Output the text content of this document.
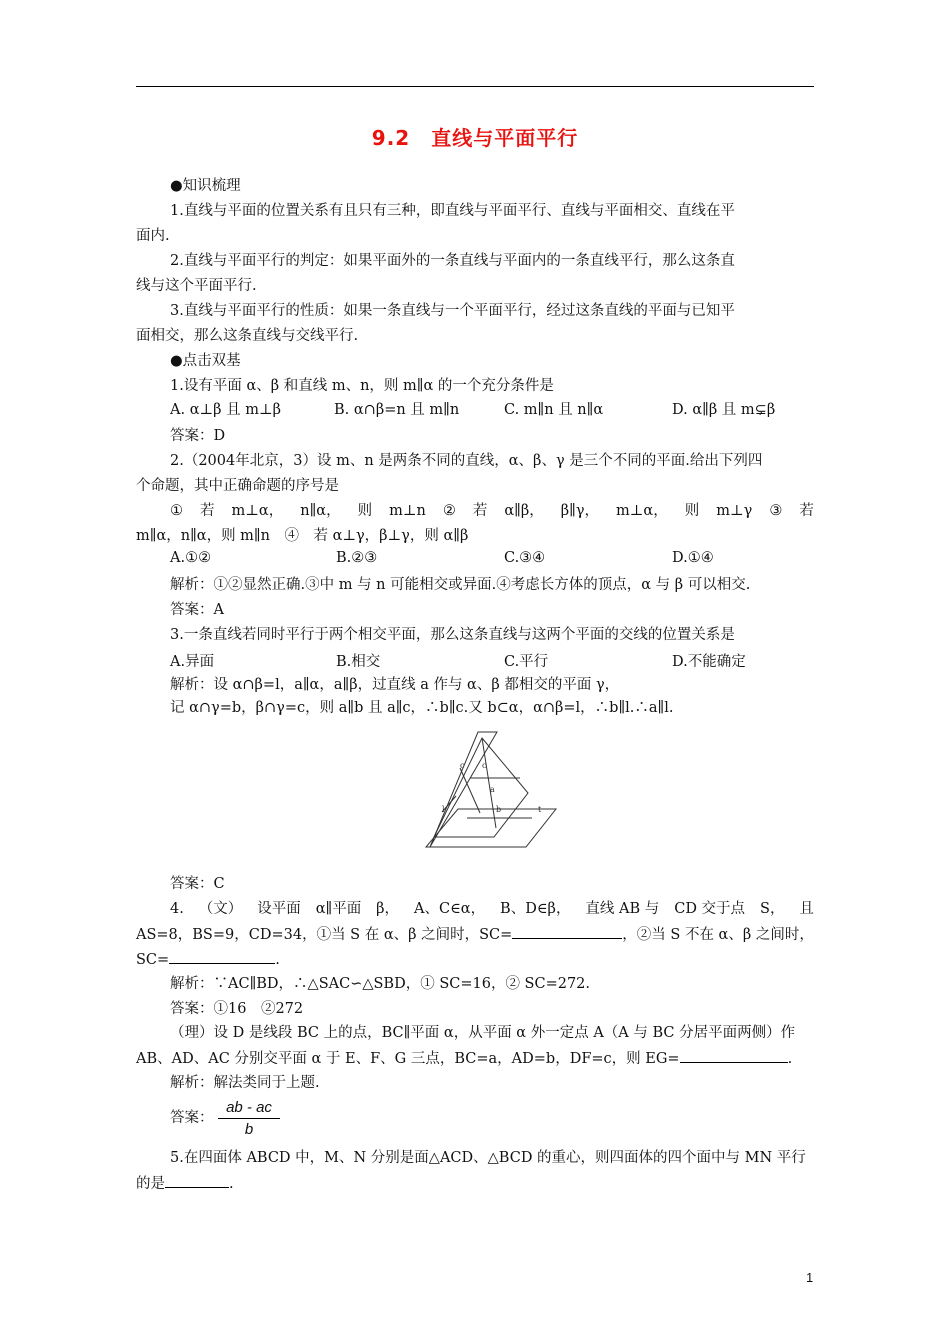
9.2　直线与平面平行
●知识梳理
1.直线与平面的位置关系有且只有三种，即直线与平面平行、直线与平面相交、直线在平
面内.
2.直线与平面平行的判定：如果平面外的一条直线与平面内的一条直线平行，那么这条直
线与这个平面平行.
3.直线与平面平行的性质：如果一条直线与一个平面平行，经过这条直线的平面与已知平
面相交，那么这条直线与交线平行.
●点击双基
1.设有平面 α、β 和直线 m、n，则 m∥α 的一个充分条件是
A. α⊥β 且 m⊥β	B. α∩β=n 且 m∥n	C. m∥n 且 n∥α	D. α∥β 且 m⊊β
答案：D
2.（2004年北京，3）设 m、n 是两条不同的直线，α、β、γ 是三个不同的平面.给出下列四
个命题，其中正确命题的序号是
① 若 m⊥α， n∥α， 则 m⊥n ② 若 α∥β， β∥γ， m⊥α， 则 m⊥γ ③ 若
m∥α，n∥α，则 m∥n　④　若 α⊥γ，β⊥γ，则 α∥β
A.①②	B.②③	C.③④	D.①④
解析：①②显然正确.③中 m 与 n 可能相交或异面.④考虑长方体的顶点，α 与 β 可以相交.
答案：A
3.一条直线若同时平行于两个相交平面，那么这条直线与这两个平面的交线的位置关系是
A.异面	B.相交	C.平行	D.不能确定
解析：设 α∩β=l，a∥α，a∥β，过直线 a 作与 α、β 都相交的平面 γ，
记 α∩γ=b，β∩γ=c，则 a∥b 且 a∥c，∴b∥c.又 b⊂α，α∩β=l，∴b∥l.∴a∥l.
c c
a
b
l	t
答案：C
4. （文） 设平面 α∥平面 β， A、C∈α， B、D∈β， 直线 AB 与 CD 交于点 S， 且
AS=8，BS=9，CD=34，①当 S 在 α、β 之间时，SC=	，②当 S 不在 α、β 之间时，
SC=	.
解析：∵AC∥BD，∴△SAC∽△SBD，① SC=16，② SC=272.
答案：①16　②272
（理）设 D 是线段 BC 上的点，BC∥平面 α，从平面 α 外一定点 A（A 与 BC 分居平面两侧）作
AB、AD、AC 分别交平面 α 于 E、F、G 三点，BC=a，AD=b，DF=c，则 EG=	.
解析：解法类同于上题.
答案： $\frac{ab - ac}{b}$
5.在四面体 ABCD 中，M、N 分别是面△ACD、△BCD 的重心，则四面体的四个面中与 MN 平行
的是	.
1
